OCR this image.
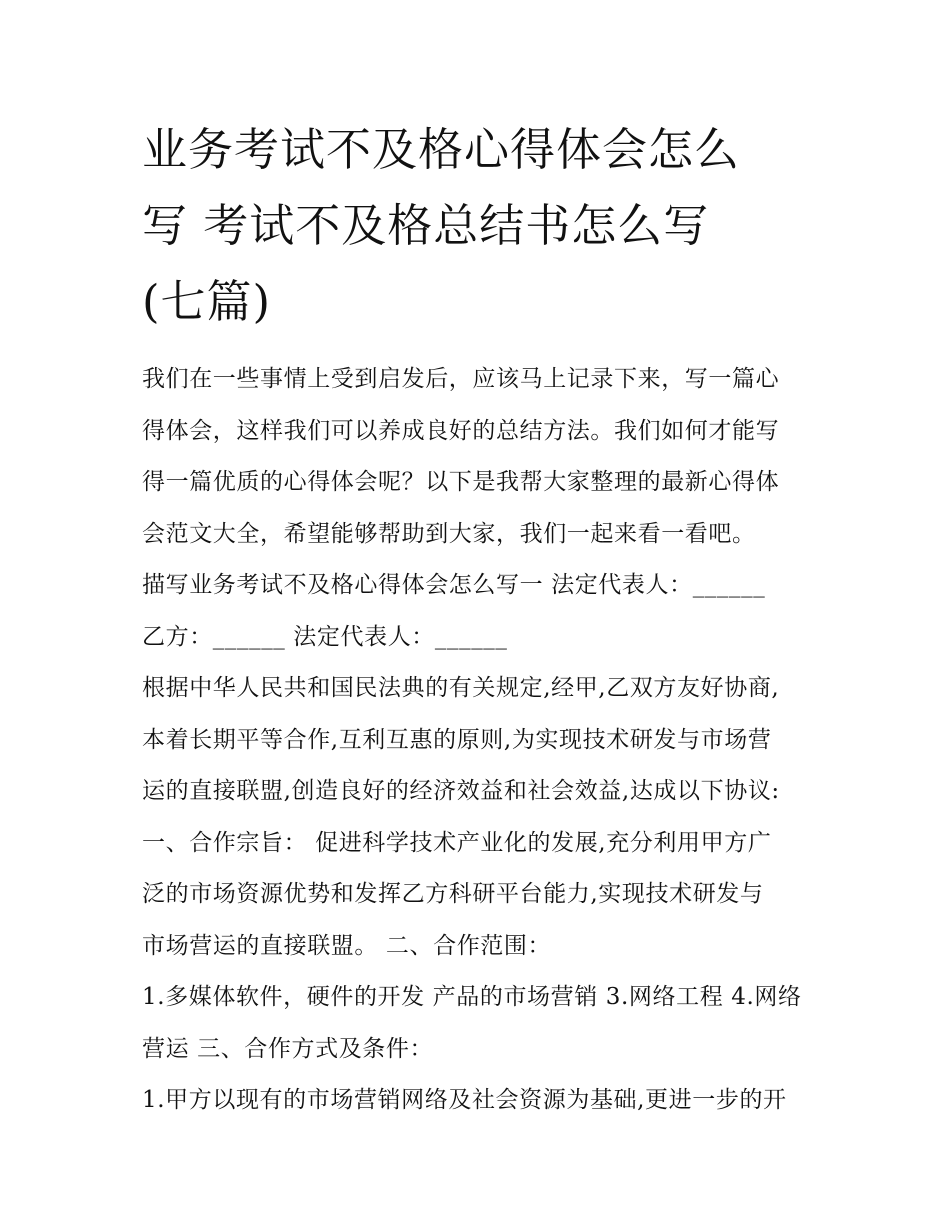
业务考试不及格心得体会怎么
写 考试不及格总结书怎么写
(七篇)
我们在一些事情上受到启发后，应该马上记录下来，写一篇心
得体会，这样我们可以养成良好的总结方法。我们如何才能写
得一篇优质的心得体会呢？以下是我帮大家整理的最新心得体
会范文大全，希望能够帮助到大家，我们一起来看一看吧。
描写业务考试不及格心得体会怎么写一 法定代表人：______
乙方：______ 法定代表人：______
根据中华人民共和国民法典的有关规定,经甲,乙双方友好协商,
本着长期平等合作,互利互惠的原则,为实现技术研发与市场营
运的直接联盟,创造良好的经济效益和社会效益,达成以下协议:
一、合作宗旨： 促进科学技术产业化的发展,充分利用甲方广
泛的市场资源优势和发挥乙方科研平台能力,实现技术研发与
市场营运的直接联盟。 二、合作范围：
1.多媒体软件，硬件的开发 产品的市场营销 3.网络工程 4.网络
营运 三、合作方式及条件：
1.甲方以现有的市场营销网络及社会资源为基础,更进一步的开
